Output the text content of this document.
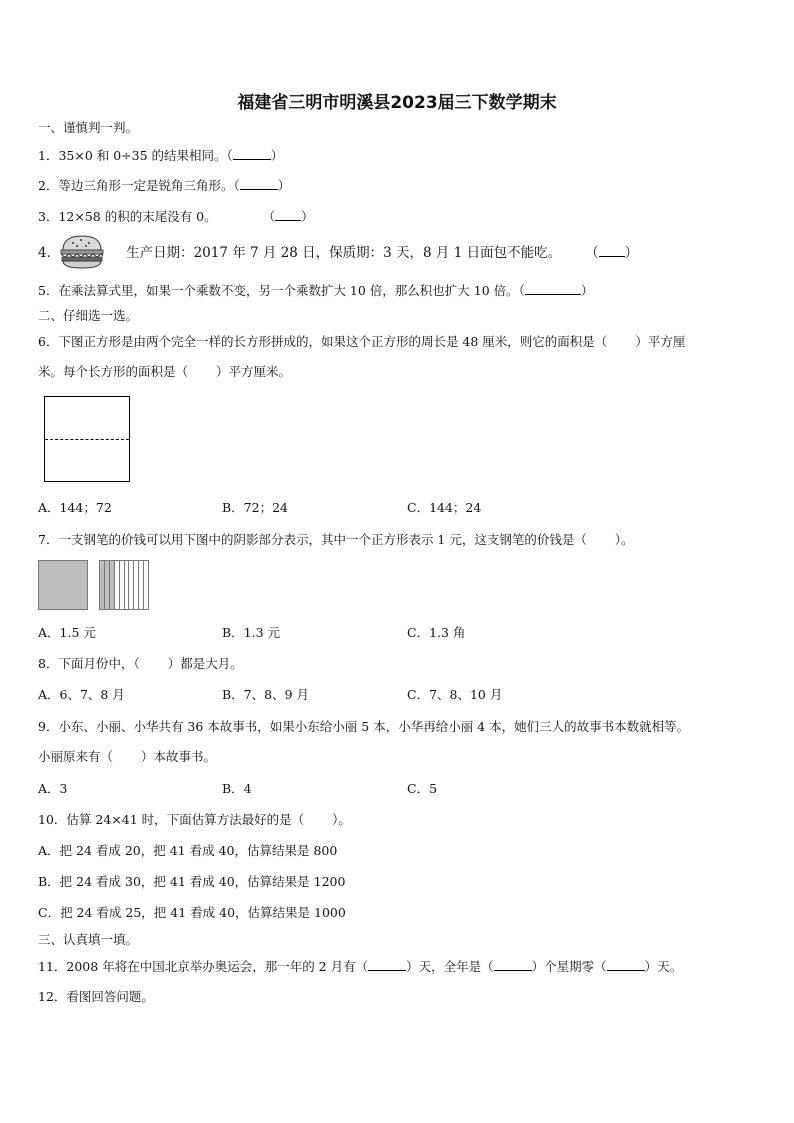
福建省三明市明溪县2023届三下数学期末
一、谨慎判一判。
1．35×0 和 0÷35 的结果相同。（	）
2．等边三角形一定是锐角三角形。（	）
3．12×58 的积的末尾没有 0。	（ ）
4．	生产日期：2017 年 7 月 28 日，保质期：3 天，8 月 1 日面包不能吃。 （ ）
5．在乘法算式里，如果一个乘数不变，另一个乘数扩大 10 倍，那么积也扩大 10 倍。（	）
二、仔细选一选。
6．下图正方形是由两个完全一样的长方形拼成的，如果这个正方形的周长是 48 厘米，则它的面积是（ ）平方厘
米。每个长方形的面积是（ ）平方厘米。
A．144；72	B．72；24	C．144；24
7．一支钢笔的价钱可以用下图中的阴影部分表示，其中一个正方形表示 1 元，这支钢笔的价钱是（ ）。
A．1.5 元	B．1.3 元	C．1.3 角
8．下面月份中，（ ）都是大月。
A．6、7、8 月	B．7、8、9 月	C．7、8、10 月
9．小东、小丽、小华共有 36 本故事书，如果小东给小丽 5 本，小华再给小丽 4 本，她们三人的故事书本数就相等。
小丽原来有（ ）本故事书。
A．3	B．4	C．5
10．估算 24×41 时，下面估算方法最好的是（ ）。
A．把 24 看成 20，把 41 看成 40，估算结果是 800
B．把 24 看成 30，把 41 看成 40，估算结果是 1200
C．把 24 看成 25，把 41 看成 40，估算结果是 1000
三、认真填一填。
11．2008 年将在中国北京举办奥运会，那一年的 2 月有（	）天，全年是（	）个星期零（	）天。
12．看图回答问题。
